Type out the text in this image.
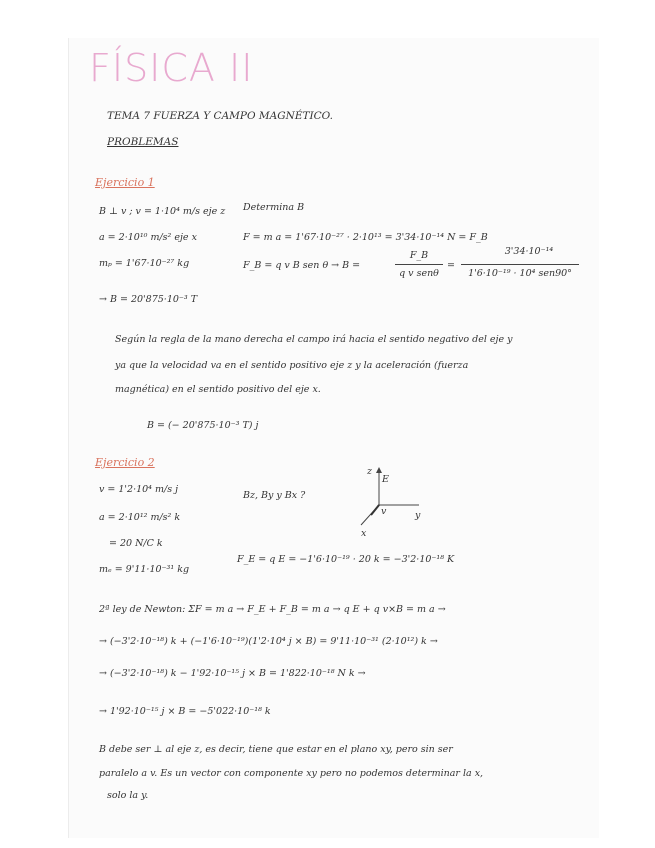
FÍSICA II
TEMA 7 FUERZA Y CAMPO MAGNÉTICO.
PROBLEMAS
Ejercicio 1
B ⊥ v ; v = 1·10⁴ m/s eje z
a = 2·10¹⁰ m/s² eje x
mₚ = 1'67·10⁻²⁷ kg
Determina B
F = m a = 1'67·10⁻²⁷ · 2·10¹³ = 3'34·10⁻¹⁴ N = F_B
F_B = q v B sen θ → B =
F_B
q v senθ
=
3'34·10⁻¹⁴
1'6·10⁻¹⁹ · 10⁴ sen90°
→ B = 20'875·10⁻³ T
Según la regla de la mano derecha el campo irá hacia el sentido negativo del eje y
ya que la velocidad va en el sentido positivo eje z y la aceleración (fuerza
magnética) en el sentido positivo del eje x.
B = (− 20'875·10⁻³ T) j
Ejercicio 2
v = 1'2·10⁴ m/s j
a = 2·10¹² m/s² k
= 20 N/C k
mₑ = 9'11·10⁻³¹ kg
Bz, By y Bx ?
F_E = q E = −1'6·10⁻¹⁹ · 20 k = −3'2·10⁻¹⁸ K
z
E
v	y
x
2ª ley de Newton: ΣF = m a → F_E + F_B = m a → q E + q v×B = m a →
→ (−3'2·10⁻¹⁸) k + (−1'6·10⁻¹⁹)(1'2·10⁴ j × B) = 9'11·10⁻³¹ (2·10¹²) k →
→ (−3'2·10⁻¹⁸) k − 1'92·10⁻¹⁵ j × B = 1'822·10⁻¹⁸ N k →
→ 1'92·10⁻¹⁵ j × B = −5'022·10⁻¹⁸ k
B debe ser ⊥ al eje z, es decir, tiene que estar en el plano xy, pero sin ser
paralelo a v. Es un vector con componente xy pero no podemos determinar la x,
solo la y.
